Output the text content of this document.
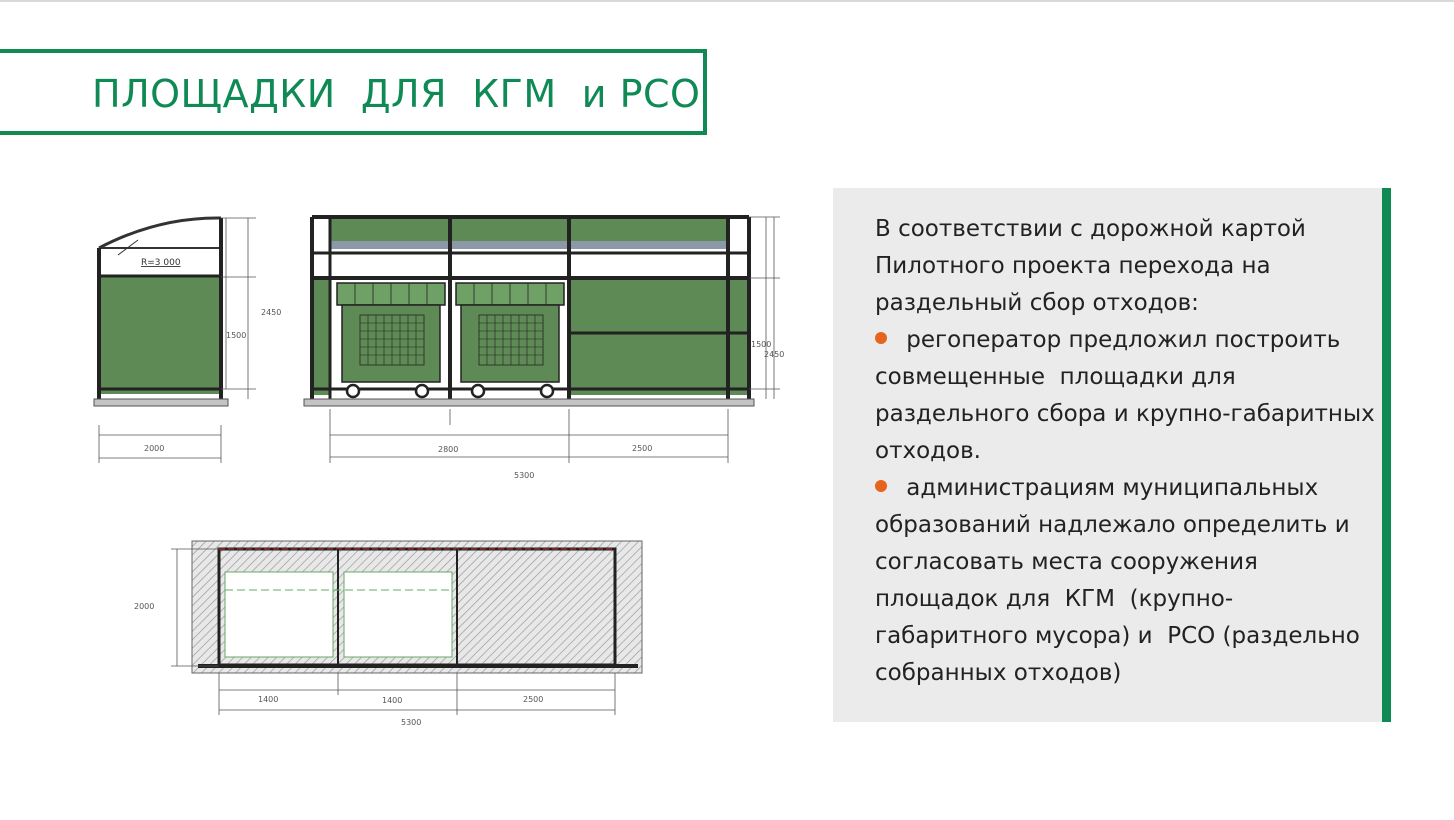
ПЛОЩАДКИ  ДЛЯ  КГМ  и РСО
R=3 000
2450
1500
2000
1500
2450
2800	2500
5300
2000
1400	1400	2500
5300
В соответствии с дорожной картой Пилотного проекта перехода на раздельный сбор отходов:
регоператор предложил построить совмещенные  площадки для раздельного сбора и крупно-габаритных отходов.
администрациям муниципальных образований надлежало определить и согласовать места сооружения площадок для  КГМ  (крупно-габаритного мусора) и  РСО (раздельно собранных отходов)
